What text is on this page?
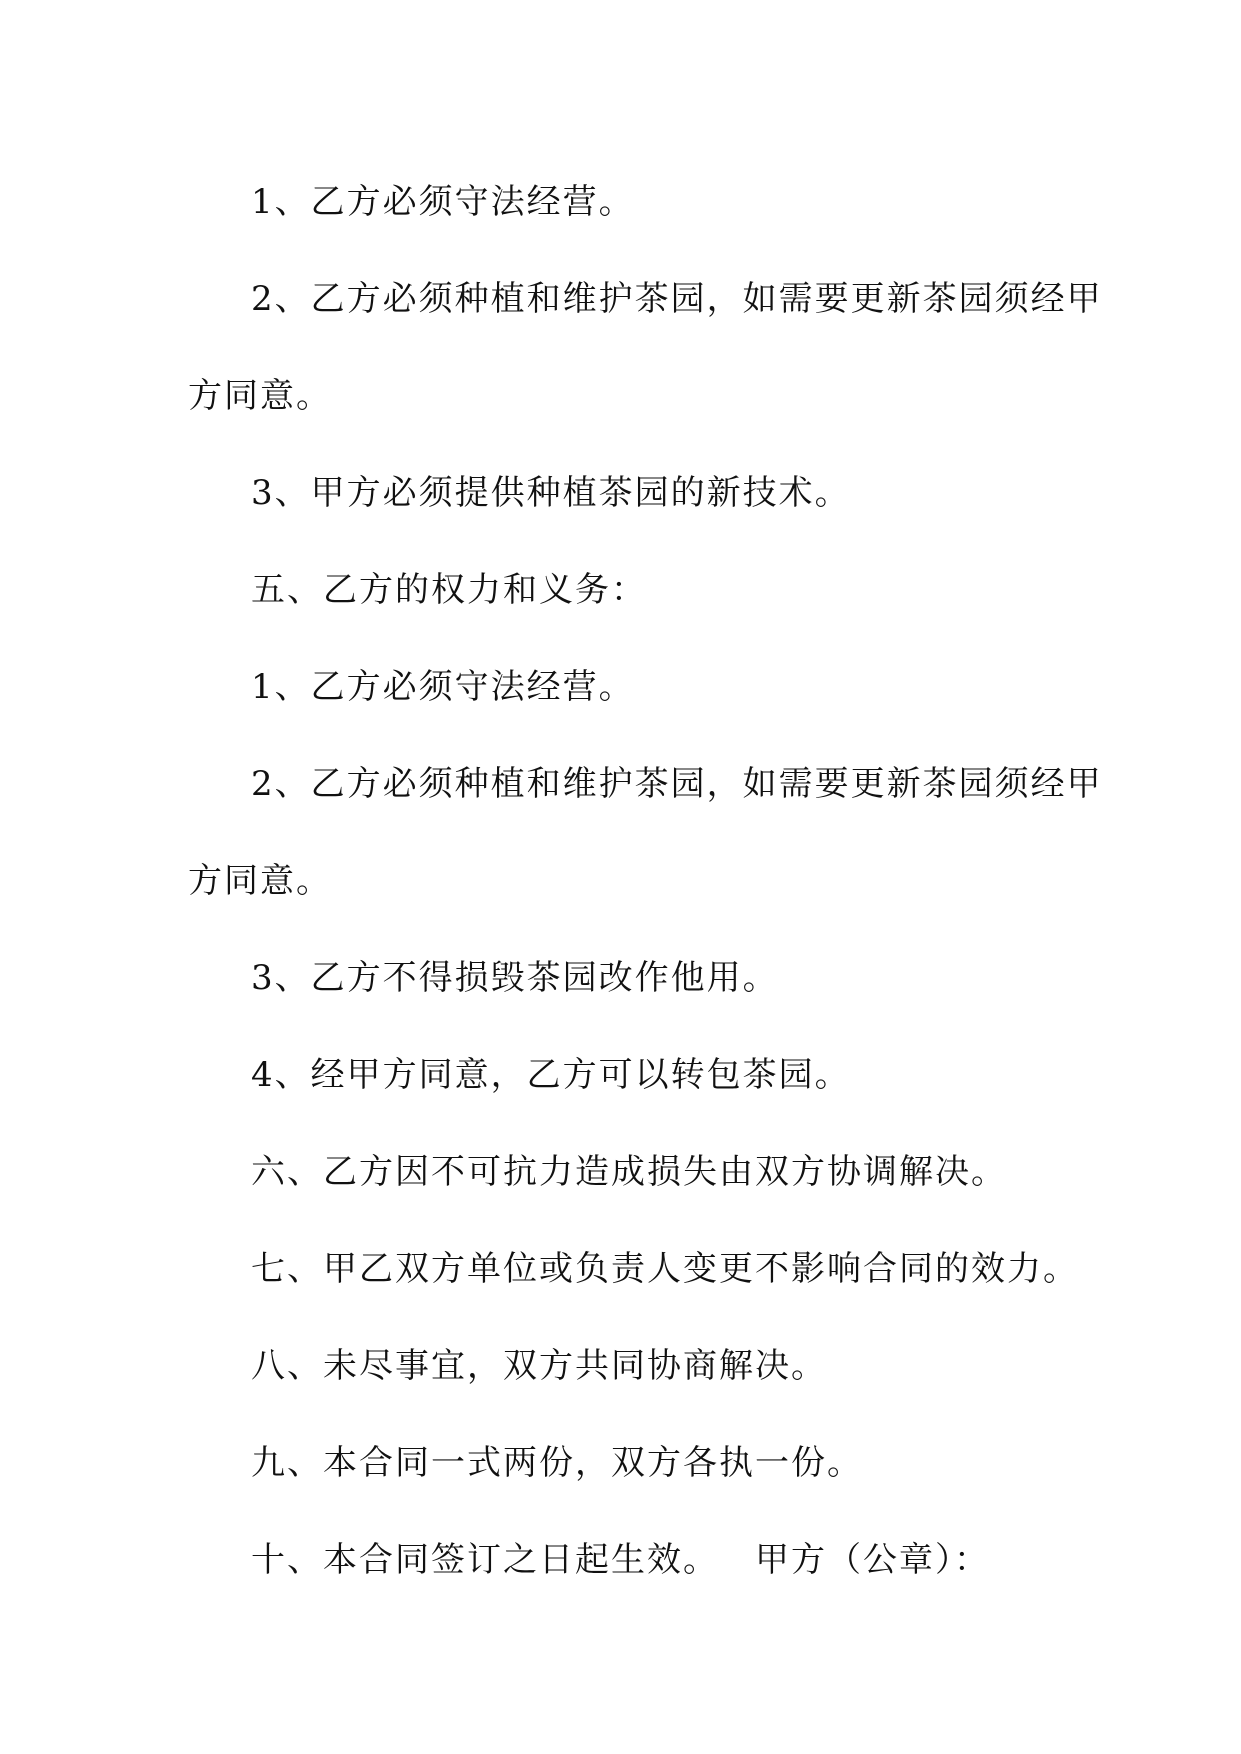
1、乙方必须守法经营。
2、乙方必须种植和维护茶园，如需要更新茶园须经甲
方同意。
3、甲方必须提供种植茶园的新技术。
五、乙方的权力和义务：
1、乙方必须守法经营。
2、乙方必须种植和维护茶园，如需要更新茶园须经甲
方同意。
3、乙方不得损毁茶园改作他用。
4、经甲方同意，乙方可以转包茶园。
六、乙方因不可抗力造成损失由双方协调解决。
七、甲乙双方单位或负责人变更不影响合同的效力。
八、未尽事宜，双方共同协商解决。
九、本合同一式两份，双方各执一份。
十、本合同签订之日起生效。 甲方（公章）：
